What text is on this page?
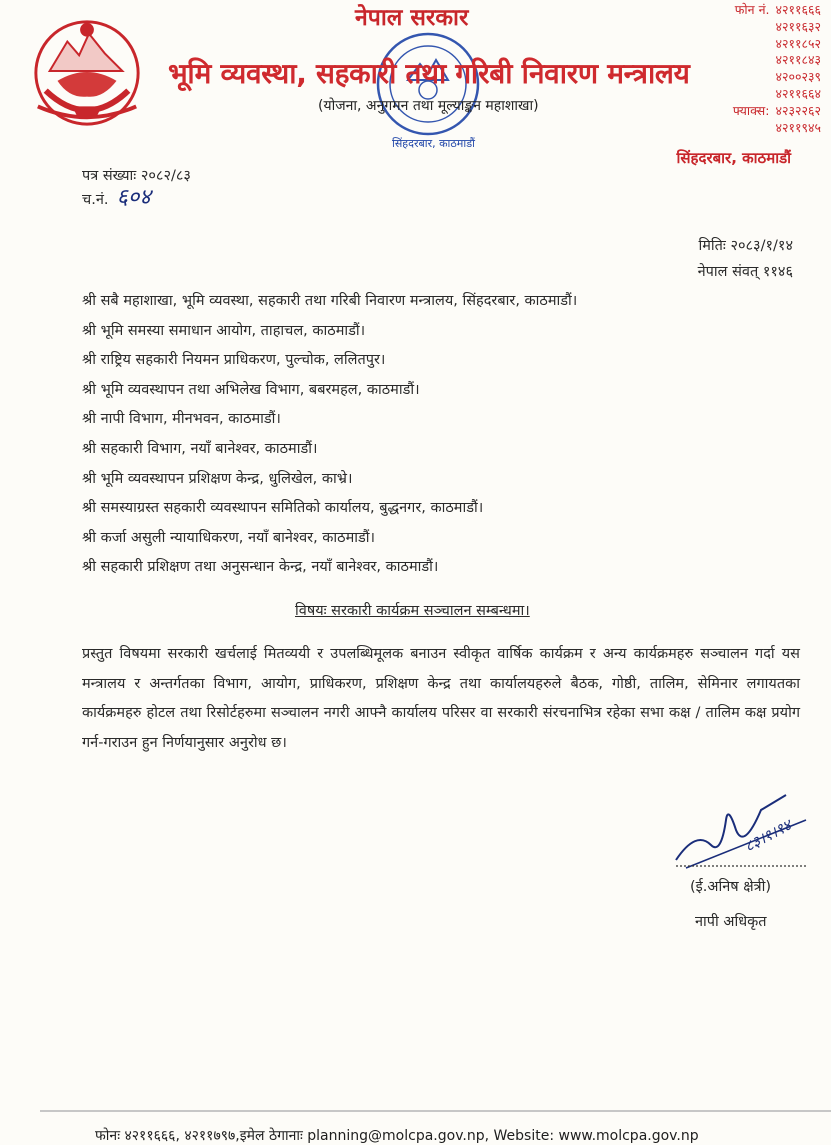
सिंहदरबार, काठमाडौं
नेपाल सरकार
भूमि व्यवस्था, सहकारी तथा गरिबी निवारण मन्त्रालय
(योजना, अनुगमन तथा मूल्याङ्कन महाशाखा)
फोन नं. ४२११६६६
४२११६३२
४२११८५२
४२११८४३
४२००२३९
४२११६६४
फ्याक्स: ४२३२२६२
४२११९४५
सिंहदरबार, काठमाडौं
पत्र संख्याः २०८२/८३
च.नं. ६०४
मितिः २०८३/१/१४
नेपाल संवत् ११४६
श्री सबै महाशाखा, भूमि व्यवस्था, सहकारी तथा गरिबी निवारण मन्त्रालय, सिंहदरबार, काठमाडौं।
श्री भूमि समस्या समाधान आयोग, ताहाचल, काठमाडौं।
श्री राष्ट्रिय सहकारी नियमन प्राधिकरण, पुल्चोक, ललितपुर।
श्री भूमि व्यवस्थापन तथा अभिलेख विभाग, बबरमहल, काठमाडौं।
श्री नापी विभाग, मीनभवन, काठमाडौं।
श्री सहकारी विभाग, नयाँ बानेश्वर, काठमाडौं।
श्री भूमि व्यवस्थापन प्रशिक्षण केन्द्र, धुलिखेल, काभ्रे।
श्री समस्याग्रस्त सहकारी व्यवस्थापन समितिको कार्यालय, बुद्धनगर, काठमाडौं।
श्री कर्जा असुली न्यायाधिकरण, नयाँ बानेश्वर, काठमाडौं।
श्री सहकारी प्रशिक्षण तथा अनुसन्धान केन्द्र, नयाँ बानेश्वर, काठमाडौं।
विषयः सरकारी कार्यक्रम सञ्चालन सम्बन्धमा।
प्रस्तुत विषयमा सरकारी खर्चलाई मितव्ययी र उपलब्धिमूलक बनाउन स्वीकृत वार्षिक कार्यक्रम र अन्य कार्यक्रमहरु सञ्चालन गर्दा यस मन्त्रालय र अन्तर्गतका विभाग, आयोग, प्राधिकरण, प्रशिक्षण केन्द्र तथा कार्यालयहरुले बैठक, गोष्ठी, तालिम, सेमिनार लगायतका कार्यक्रमहरु होटल तथा रिसोर्टहरुमा सञ्चालन नगरी आफ्नै कार्यालय परिसर वा सरकारी संरचनाभित्र रहेका सभा कक्ष / तालिम कक्ष प्रयोग गर्न-गराउन हुन निर्णयानुसार अनुरोध छ।
८३।१।१४
(ई.अनिष क्षेत्री)
नापी अधिकृत
फोनः ४२११६६६, ४२११७९७,इमेल ठेगानाः planning@molcpa.gov.np, Website: www.molcpa.gov.np
